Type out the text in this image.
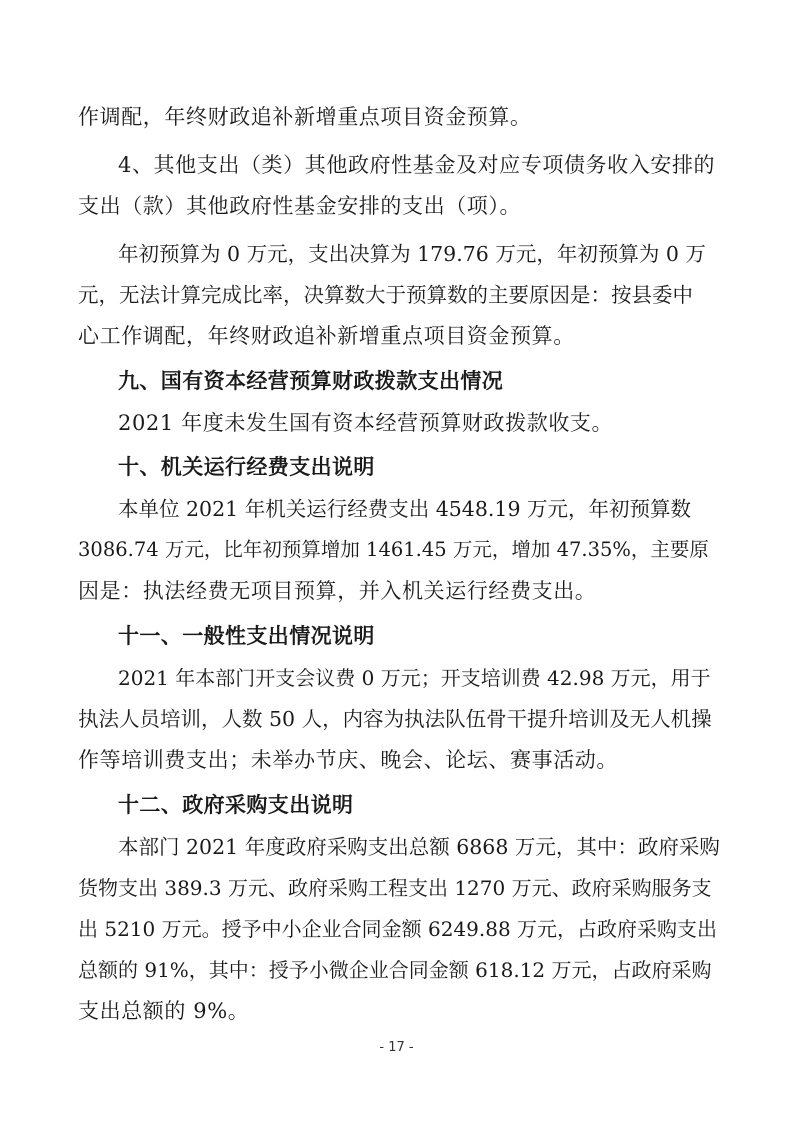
作调配，年终财政追补新增重点项目资金预算。
4、其他支出（类）其他政府性基金及对应专项债务收入安排的
支出（款）其他政府性基金安排的支出（项）。
年初预算为 0 万元，支出决算为 179.76 万元，年初预算为 0 万
元，无法计算完成比率，决算数大于预算数的主要原因是：按县委中
心工作调配，年终财政追补新增重点项目资金预算。
九、国有资本经营预算财政拨款支出情况
2021 年度未发生国有资本经营预算财政拨款收支。
十、机关运行经费支出说明
本单位 2021 年机关运行经费支出 4548.19 万元，年初预算数
3086.74 万元，比年初预算增加 1461.45 万元，增加 47.35%，主要原
因是：执法经费无项目预算，并入机关运行经费支出。
十一、一般性支出情况说明
2021 年本部门开支会议费 0 万元；开支培训费 42.98 万元，用于
执法人员培训，人数 50 人，内容为执法队伍骨干提升培训及无人机操
作等培训费支出；未举办节庆、晚会、论坛、赛事活动。
十二、政府采购支出说明
本部门 2021 年度政府采购支出总额 6868 万元，其中：政府采购
货物支出 389.3 万元、政府采购工程支出 1270 万元、政府采购服务支
出 5210 万元。授予中小企业合同金额 6249.88 万元，占政府采购支出
总额的 91%，其中：授予小微企业合同金额 618.12 万元，占政府采购
支出总额的 9%。
- 17 -
